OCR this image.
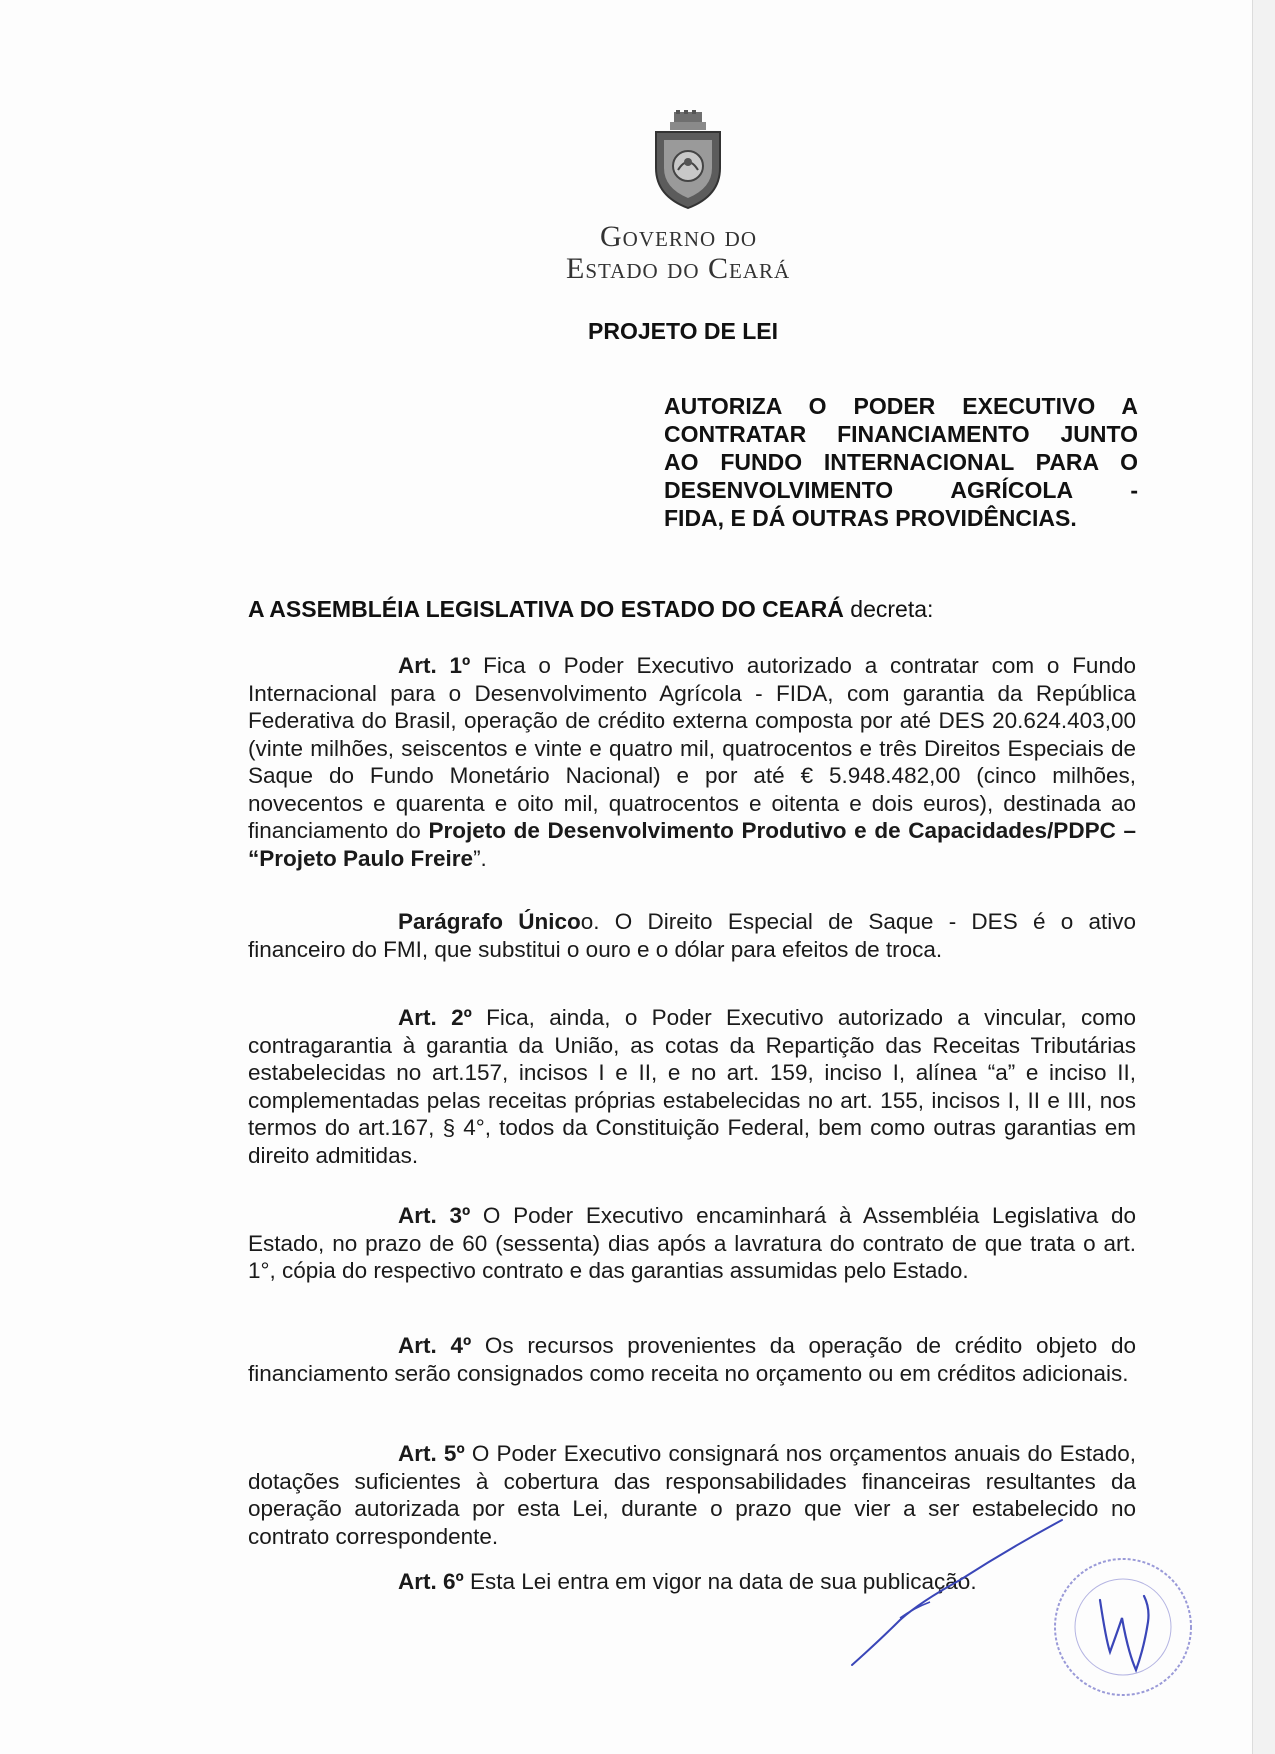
Governo do
Estado do Ceará
PROJETO DE LEI
AUTORIZA O PODER EXECUTIVO A
CONTRATAR FINANCIAMENTO JUNTO
AO FUNDO INTERNACIONAL PARA O
DESENVOLVIMENTO AGRÍCOLA -
FIDA, E DÁ OUTRAS PROVIDÊNCIAS.
A ASSEMBLÉIA LEGISLATIVA DO ESTADO DO CEARÁ decreta:
Art. 1º Fica o Poder Executivo autorizado a contratar com o Fundo Internacional para o Desenvolvimento Agrícola - FIDA, com garantia da República Federativa do Brasil, operação de crédito externa composta por até DES 20.624.403,00 (vinte milhões, seiscentos e vinte e quatro mil, quatrocentos e três Direitos Especiais de Saque do Fundo Monetário Nacional) e por até € 5.948.482,00 (cinco milhões, novecentos e quarenta e oito mil, quatrocentos e oitenta e dois euros), destinada ao financiamento do Projeto de Desenvolvimento Produtivo e de Capacidades/PDPC – “Projeto Paulo Freire”.
Parágrafo Únicoo. O Direito Especial de Saque - DES é o ativo financeiro do FMI, que substitui o ouro e o dólar para efeitos de troca.
Art. 2º Fica, ainda, o Poder Executivo autorizado a vincular, como contragarantia à garantia da União, as cotas da Repartição das Receitas Tributárias estabelecidas no art.157, incisos I e II, e no art. 159, inciso I, alínea “a” e inciso II, complementadas pelas receitas próprias estabelecidas no art. 155, incisos I, II e III, nos termos do art.167, § 4°, todos da Constituição Federal, bem como outras garantias em direito admitidas.
Art. 3º O Poder Executivo encaminhará à Assembléia Legislativa do Estado, no prazo de 60 (sessenta) dias após a lavratura do contrato de que trata o art. 1°, cópia do respectivo contrato e das garantias assumidas pelo Estado.
Art. 4º Os recursos provenientes da operação de crédito objeto do financiamento serão consignados como receita no orçamento ou em créditos adicionais.
Art. 5º O Poder Executivo consignará nos orçamentos anuais do Estado, dotações suficientes à cobertura das responsabilidades financeiras resultantes da operação autorizada por esta Lei, durante o prazo que vier a ser estabelecido no contrato correspondente.
Art. 6º Esta Lei entra em vigor na data de sua publicação.
